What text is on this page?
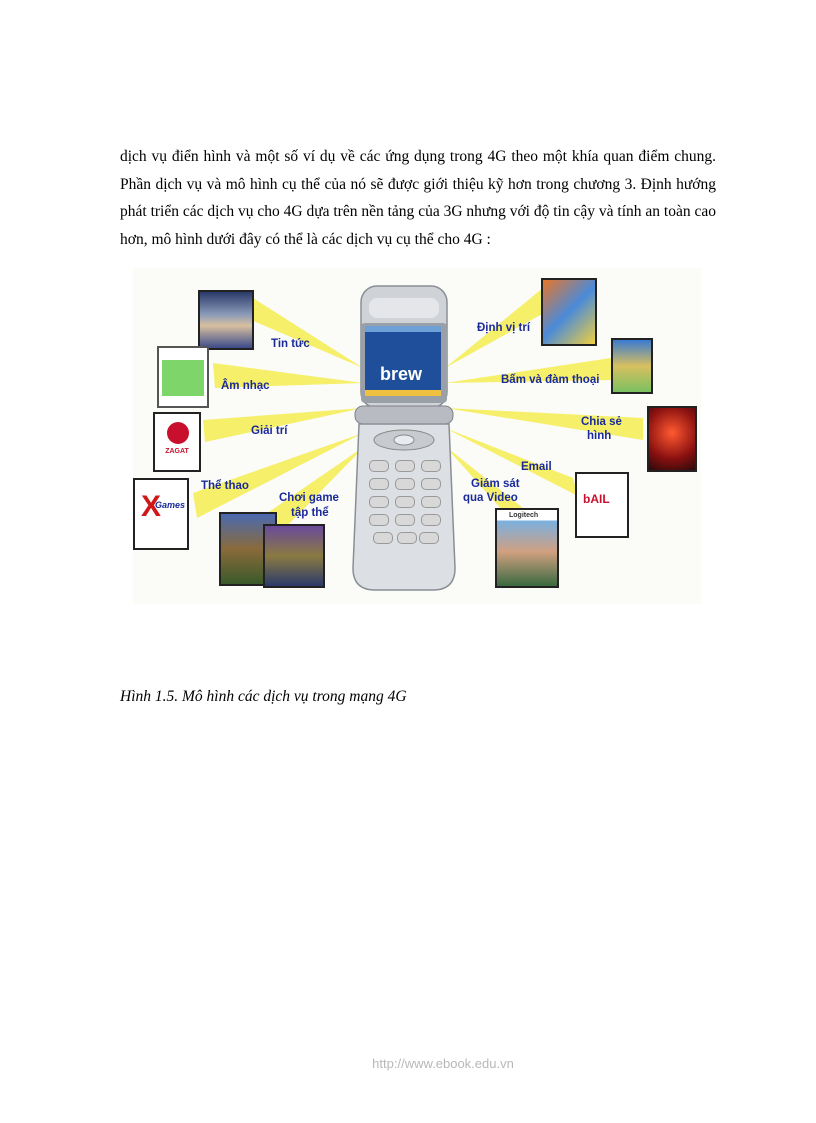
dịch vụ điển hình và một số ví dụ về các ứng dụng trong 4G theo một khía quan điểm chung. Phần dịch vụ và mô hình cụ thể của nó sẽ được giới thiệu kỹ hơn trong chương 3. Định hướng phát triển các dịch vụ cho 4G dựa trên nền tảng của 3G nhưng với độ tin cậy và tính an toàn cao hơn, mô hình dưới đây có thể là các dịch vụ cụ thể cho 4G :

brew
ZAGAT
X
Games	bAIL
Logitech
Tin tức
Âm nhạc
Giải trí
Thể thao
Chơi game
tập thể
Định vị trí
Bấm và đàm thoại
Chia sẻ
hình
Email
Giám sát
qua Video
Hình 1.5. Mô hình các dịch vụ trong mạng 4G
http://www.ebook.edu.vn
